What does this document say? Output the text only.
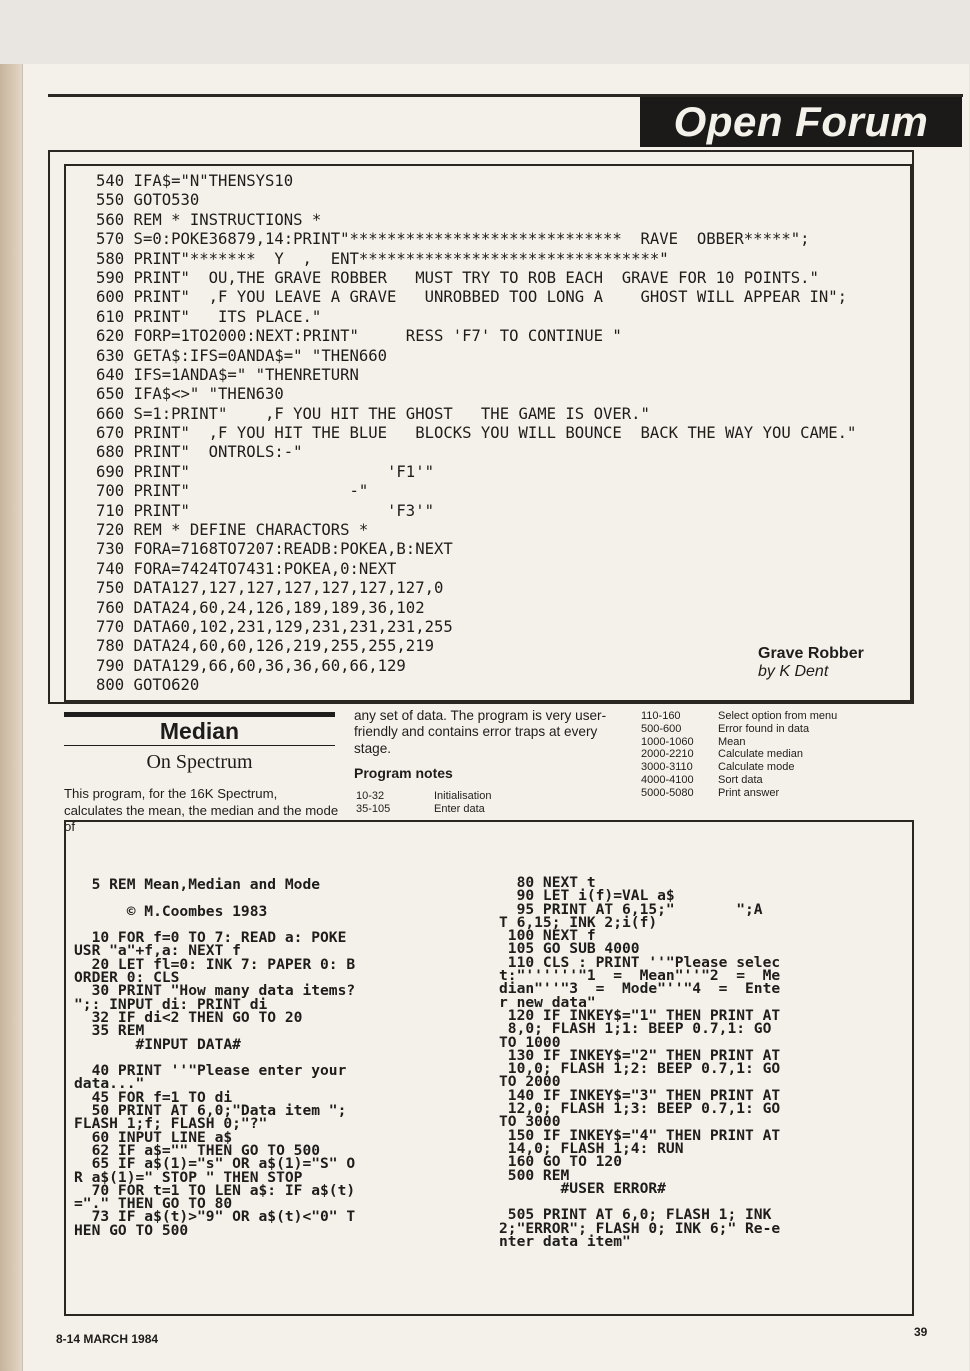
Open Forum
540 IFA$="N"THENSYS10
550 GOTO530
560 REM * INSTRUCTIONS *
570 S=0:POKE36879,14:PRINT"*****************************  RAVE  OBBER*****";
580 PRINT"*******  Y  ,  ENT********************************"
590 PRINT"  OU,THE GRAVE ROBBER   MUST TRY TO ROB EACH  GRAVE FOR 10 POINTS."
600 PRINT"  ,F YOU LEAVE A GRAVE   UNROBBED TOO LONG A    GHOST WILL APPEAR IN";
610 PRINT"   ITS PLACE."
620 FORP=1TO2000:NEXT:PRINT"     RESS 'F7' TO CONTINUE "
630 GETA$:IFS=0ANDA$=" "THEN660
640 IFS=1ANDA$=" "THENRETURN
650 IFA$<>" "THEN630
660 S=1:PRINT"    ,F YOU HIT THE GHOST   THE GAME IS OVER."
670 PRINT"  ,F YOU HIT THE BLUE   BLOCKS YOU WILL BOUNCE  BACK THE WAY YOU CAME."
680 PRINT"  ONTROLS:-"
690 PRINT"                     'F1'"
700 PRINT"                 -"
710 PRINT"                     'F3'"
720 REM * DEFINE CHARACTORS *
730 FORA=7168TO7207:READB:POKEA,B:NEXT
740 FORA=7424TO7431:POKEA,0:NEXT
750 DATA127,127,127,127,127,127,127,0
760 DATA24,60,24,126,189,189,36,102
770 DATA60,102,231,129,231,231,231,255
780 DATA24,60,60,126,219,255,255,219
790 DATA129,66,60,36,36,60,66,129
800 GOTO620
Grave Robber
by K Dent
Median
On Spectrum
This program, for the 16K Spectrum, calculates the mean, the median and the mode of
any set of data. The program is very user-friendly and contains error traps at every stage.
Program notes
10-32	Initialisation
35-105	Enter data
110-160	Select option from menu
500-600	Error found in data
1000-1060	Mean
2000-2210	Calculate median
3000-3110	Calculate mode
4000-4100	Sort data
5000-5080	Print answer
5 REM Mean,Median and Mode
© M.Coombes 1983
10 FOR f=0 TO 7: READ a: POKE
USR "a"+f,a: NEXT f
20 LET fl=0: INK 7: PAPER 0: B
ORDER 0: CLS
30 PRINT "How many data items?
";: INPUT di: PRINT di
32 IF di<2 THEN GO TO 20
35 REM
#INPUT DATA#
40 PRINT ''"Please enter your
data..."
45 FOR f=1 TO di
50 PRINT AT 6,0;"Data item ";
FLASH 1;f; FLASH 0;"?"
60 INPUT LINE a$
62 IF a$="" THEN GO TO 500
65 IF a$(1)="s" OR a$(1)="S" O
R a$(1)=" STOP " THEN STOP
70 FOR t=1 TO LEN a$: IF a$(t)
="." THEN GO TO 80
73 IF a$(t)>"9" OR a$(t)<"0" T
HEN GO TO 500
80 NEXT t
90 LET i(f)=VAL a$
95 PRINT AT 6,15;"       ";A
T 6,15; INK 2;i(f)
100 NEXT f
105 GO SUB 4000
110 CLS : PRINT ''"Please selec
t:"''''''"1  =  Mean"''"2  =  Me
dian"''"3  =  Mode"''"4  =  Ente
r new data"
120 IF INKEY$="1" THEN PRINT AT
8,0; FLASH 1;1: BEEP 0.7,1: GO
TO 1000
130 IF INKEY$="2" THEN PRINT AT
10,0; FLASH 1;2: BEEP 0.7,1: GO
TO 2000
140 IF INKEY$="3" THEN PRINT AT
12,0; FLASH 1;3: BEEP 0.7,1: GO
TO 3000
150 IF INKEY$="4" THEN PRINT AT
14,0; FLASH 1;4: RUN
160 GO TO 120
500 REM
#USER ERROR#
505 PRINT AT 6,0; FLASH 1; INK
2;"ERROR"; FLASH 0; INK 6;" Re-e
nter data item"
8-14 MARCH 1984	39
